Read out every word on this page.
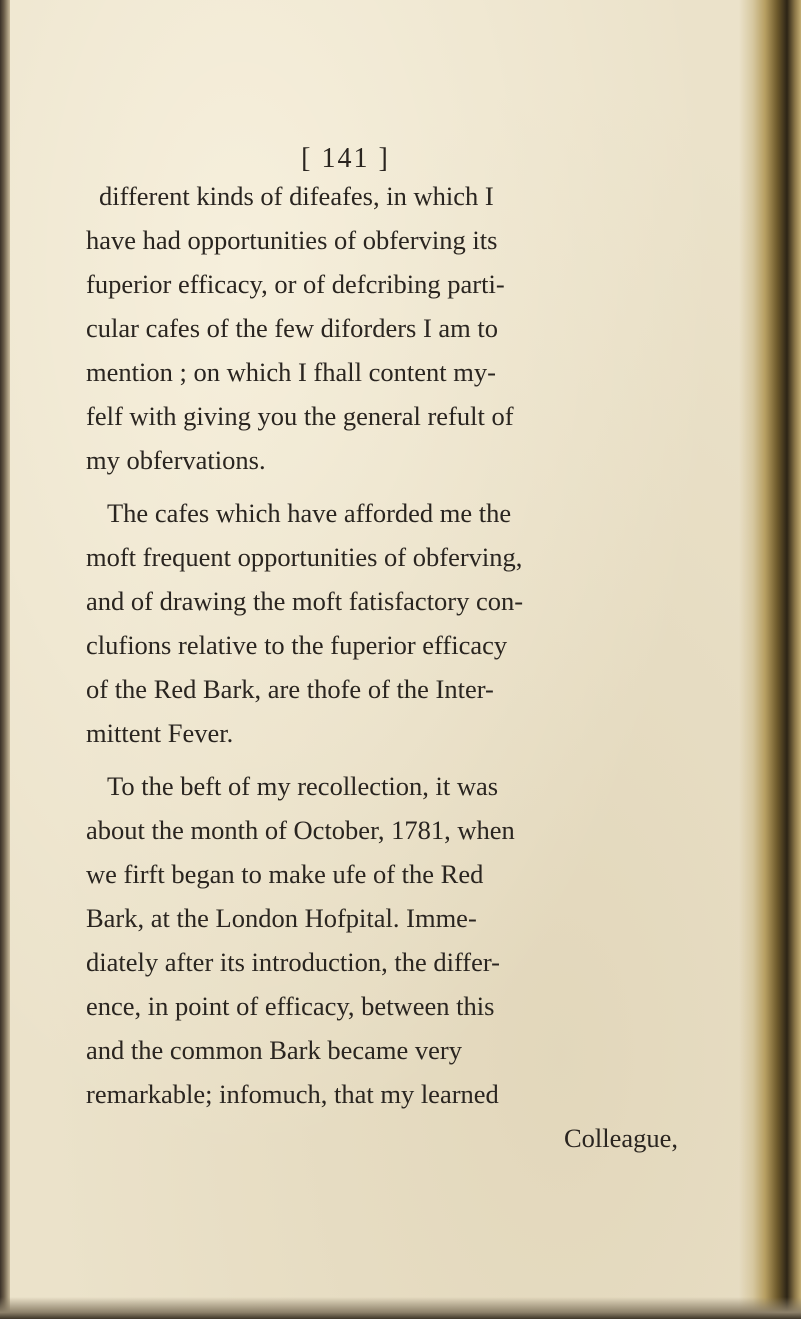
[ 141 ]
different kinds of difeafes, in which I
have had opportunities of obferving its
fuperior efficacy, or of defcribing parti-
cular cafes of the few diforders I am to
mention ; on which I fhall content my-
felf with giving you the general refult of
my obfervations.
The cafes which have afforded me the
moft frequent opportunities of obferving,
and of drawing the moft fatisfactory con-
clufions relative to the fuperior efficacy
of the Red Bark, are thofe of the Inter-
mittent Fever.
To the beft of my recollection, it was
about the month of October, 1781, when
we firft began to make ufe of the Red
Bark, at the London Hofpital. Imme-
diately after its introduction, the differ-
ence, in point of efficacy, between this
and the common Bark became very
remarkable; infomuch, that my learned
Colleague,
